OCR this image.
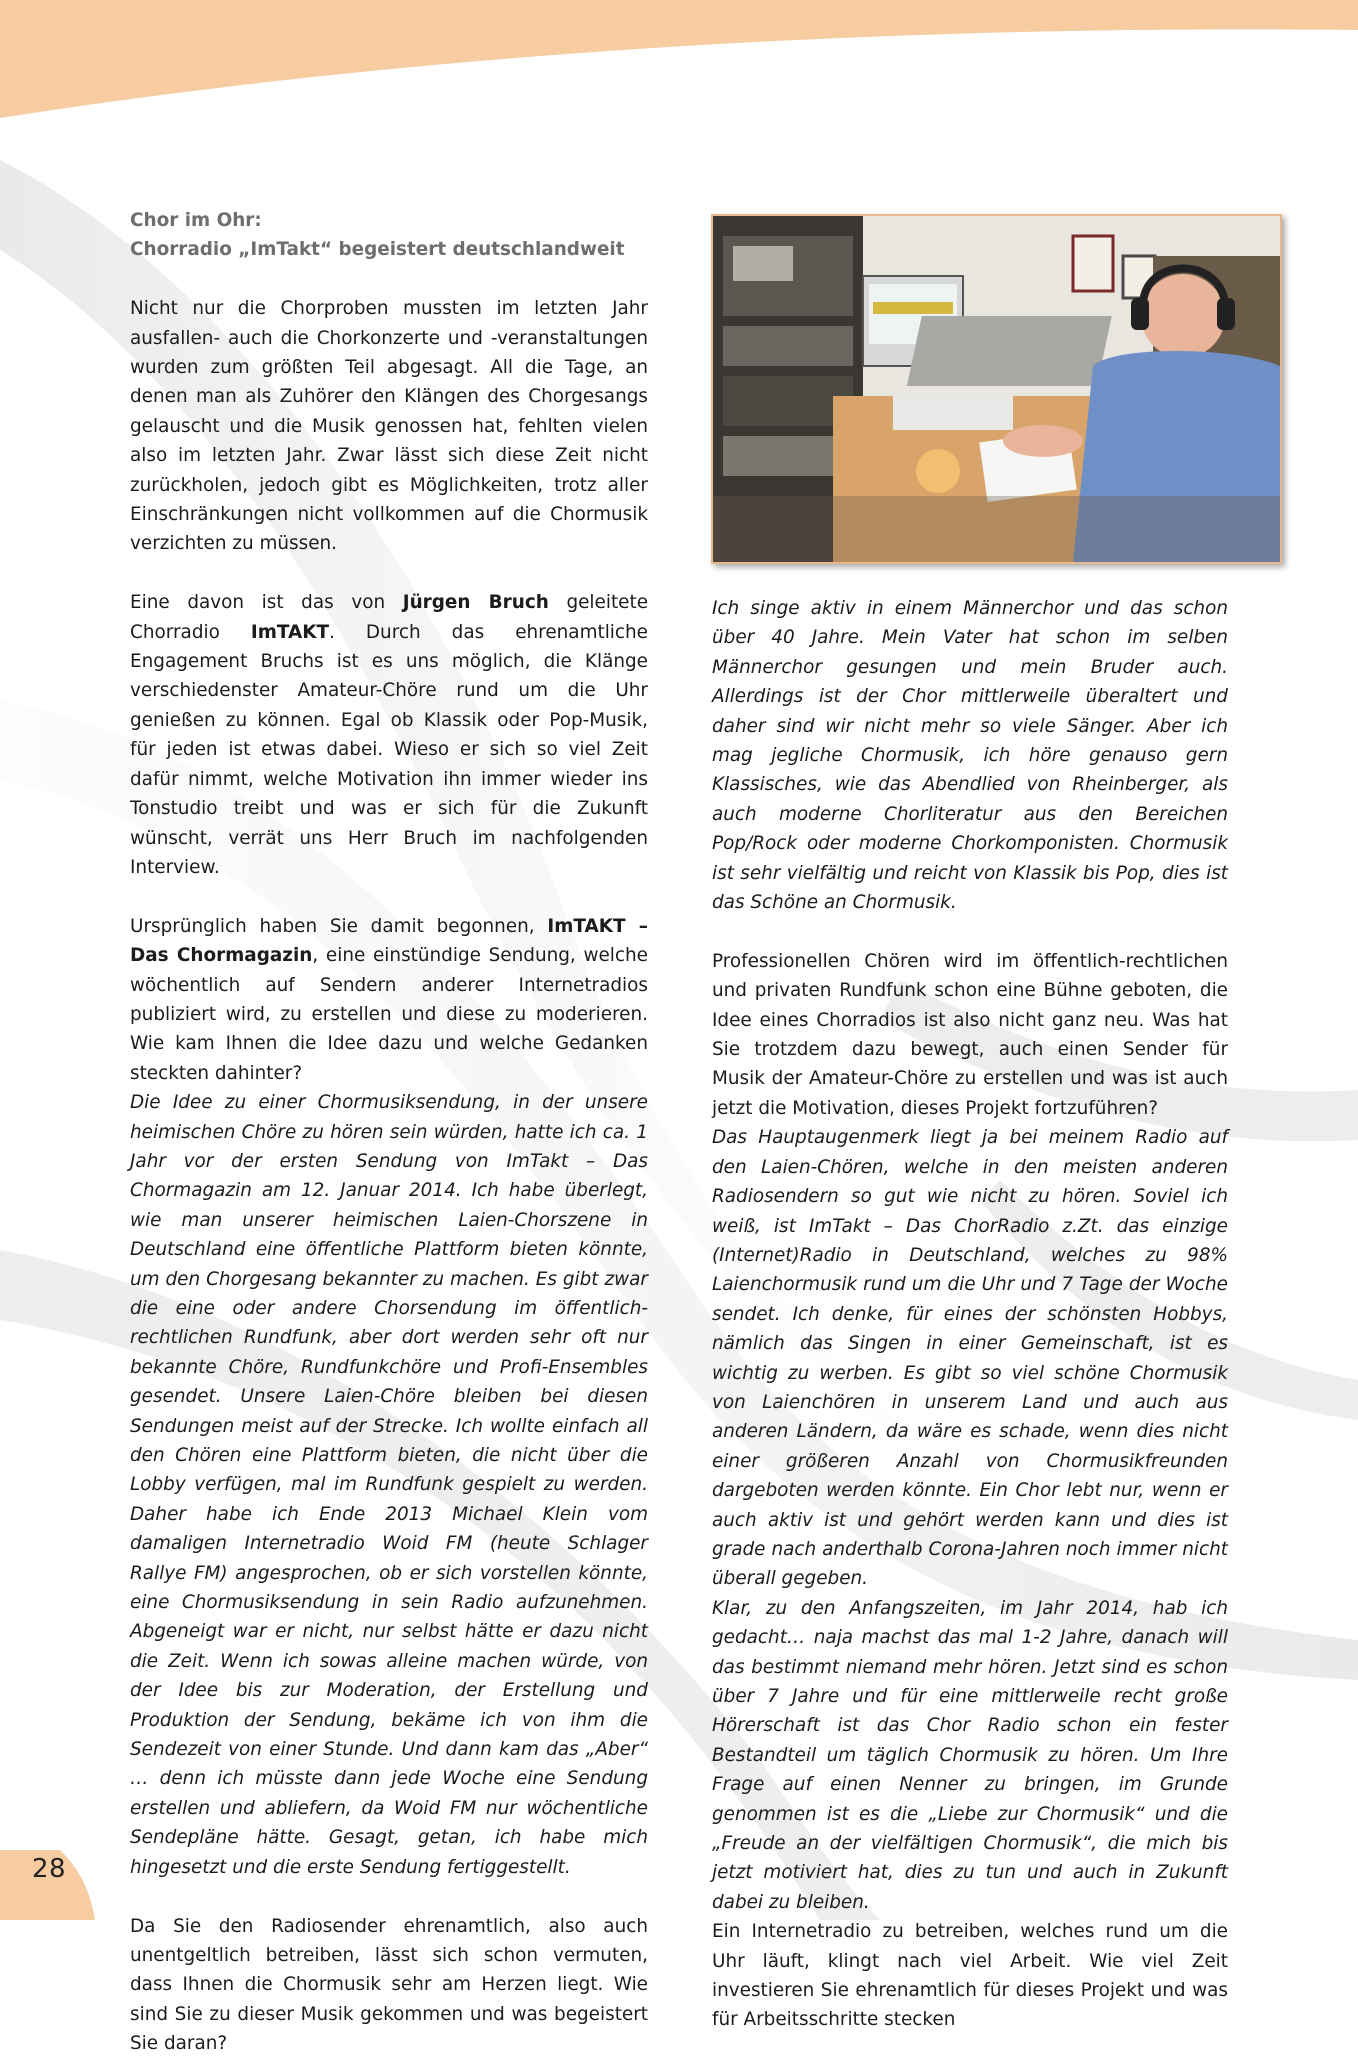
Chor im Ohr:
Chorradio „ImTakt“ begeistert deutschlandweit

Nicht nur die Chorproben mussten im letzten Jahr ausfallen- auch die Chorkonzerte und -veranstaltungen wurden zum größten Teil abgesagt. All die Tage, an denen man als Zuhörer den Klängen des Chorgesangs gelauscht und die Musik genossen hat, fehlten vielen also im letzten Jahr. Zwar lässt sich diese Zeit nicht zurückholen, jedoch gibt es Möglichkeiten, trotz aller Einschränkungen nicht vollkommen auf die Chormusik verzichten zu müssen.

Eine davon ist das von Jürgen Bruch geleitete Chorradio ImTAKT. Durch das ehrenamtliche Engagement Bruchs ist es uns möglich, die Klänge verschiedenster Amateur-Chöre rund um die Uhr genießen zu können. Egal ob Klassik oder Pop-Musik, für jeden ist etwas dabei. Wieso er sich so viel Zeit dafür nimmt, welche Motivation ihn immer wieder ins Tonstudio treibt und was er sich für die Zukunft wünscht, verrät uns Herr Bruch im nachfolgenden Interview.

Ursprünglich haben Sie damit begonnen, ImTAKT – Das Chormagazin, eine einstündige Sendung, welche wöchentlich auf Sendern anderer Internetradios publiziert wird, zu erstellen und diese zu moderieren. Wie kam Ihnen die Idee dazu und welche Gedanken steckten dahinter?

Die Idee zu einer Chormusiksendung, in der unsere heimischen Chöre zu hören sein würden, hatte ich ca. 1 Jahr vor der ersten Sendung von ImTakt – Das Chormagazin am 12. Januar 2014. Ich habe überlegt, wie man unserer heimischen Laien-Chorszene in Deutschland eine öffentliche Plattform bieten könnte, um den Chorgesang bekannter zu machen. Es gibt zwar die eine oder andere Chorsendung im öffentlich-rechtlichen Rundfunk, aber dort werden sehr oft nur bekannte Chöre, Rundfunkchöre und Profi-Ensembles gesendet. Unsere Laien-Chöre bleiben bei diesen Sendungen meist auf der Strecke. Ich wollte einfach all den Chören eine Plattform bieten, die nicht über die Lobby verfügen, mal im Rundfunk gespielt zu werden. Daher habe ich Ende 2013 Michael Klein vom damaligen Internetradio Woid FM (heute Schlager Rallye FM) angesprochen, ob er sich vorstellen könnte, eine Chormusiksendung in sein Radio aufzunehmen. Abgeneigt war er nicht, nur selbst hätte er dazu nicht die Zeit. Wenn ich sowas alleine machen würde, von der Idee bis zur Moderation, der Erstellung und Produktion der Sendung, bekäme ich von ihm die Sendezeit von einer Stunde. Und dann kam das „Aber“ … denn ich müsste dann jede Woche eine Sendung erstellen und abliefern, da Woid FM nur wöchentliche Sendepläne hätte. Gesagt, getan, ich habe mich hingesetzt und die erste Sendung fertiggestellt.

Da Sie den Radiosender ehrenamtlich, also auch unentgeltlich betreiben, lässt sich schon vermuten, dass Ihnen die Chormusik sehr am Herzen liegt. Wie sind Sie zu dieser Musik gekommen und was begeistert Sie daran?

Ich singe aktiv in einem Männerchor und das schon über 40 Jahre. Mein Vater hat schon im selben Männerchor gesungen und mein Bruder auch. Allerdings ist der Chor mittlerweile überaltert und daher sind wir nicht mehr so viele Sänger. Aber ich mag jegliche Chormusik, ich höre genauso gern Klassisches, wie das Abendlied von Rheinberger, als auch moderne Chorliteratur aus den Bereichen Pop/Rock oder moderne Chorkomponisten. Chormusik ist sehr vielfältig und reicht von Klassik bis Pop, dies ist das Schöne an Chormusik.

Professionellen Chören wird im öffentlich-rechtlichen und privaten Rundfunk schon eine Bühne geboten, die Idee eines Chorradios ist also nicht ganz neu. Was hat Sie trotzdem dazu bewegt, auch einen Sender für Musik der Amateur-Chöre zu erstellen und was ist auch jetzt die Motivation, dieses Projekt fortzuführen?

Das Hauptaugenmerk liegt ja bei meinem Radio auf den Laien-Chören, welche in den meisten anderen Radiosendern so gut wie nicht zu hören. Soviel ich weiß, ist ImTakt – Das ChorRadio z.Zt. das einzige (Internet)Radio in Deutschland, welches zu 98% Laienchormusik rund um die Uhr und 7 Tage der Woche sendet. Ich denke, für eines der schönsten Hobbys, nämlich das Singen in einer Gemeinschaft, ist es wichtig zu werben. Es gibt so viel schöne Chormusik von Laienchören in unserem Land und auch aus anderen Ländern, da wäre es schade, wenn dies nicht einer größeren Anzahl von Chormusikfreunden dargeboten werden könnte. Ein Chor lebt nur, wenn er auch aktiv ist und gehört werden kann und dies ist grade nach anderthalb Corona-Jahren noch immer nicht überall gegeben.

Klar, zu den Anfangszeiten, im Jahr 2014, hab ich gedacht… naja machst das mal 1-2 Jahre, danach will das bestimmt niemand mehr hören. Jetzt sind es schon über 7 Jahre und für eine mittlerweile recht große Hörerschaft ist das Chor Radio schon ein fester Bestandteil um täglich Chormusik zu hören. Um Ihre Frage auf einen Nenner zu bringen, im Grunde genommen ist es die „Liebe zur Chormusik“ und die „Freude an der vielfältigen Chormusik“, die mich bis jetzt motiviert hat, dies zu tun und auch in Zukunft dabei zu bleiben.

Ein Internetradio zu betreiben, welches rund um die Uhr läuft, klingt nach viel Arbeit. Wie viel Zeit investieren Sie ehrenamtlich für dieses Projekt und was für Arbeitsschritte stecken

28
